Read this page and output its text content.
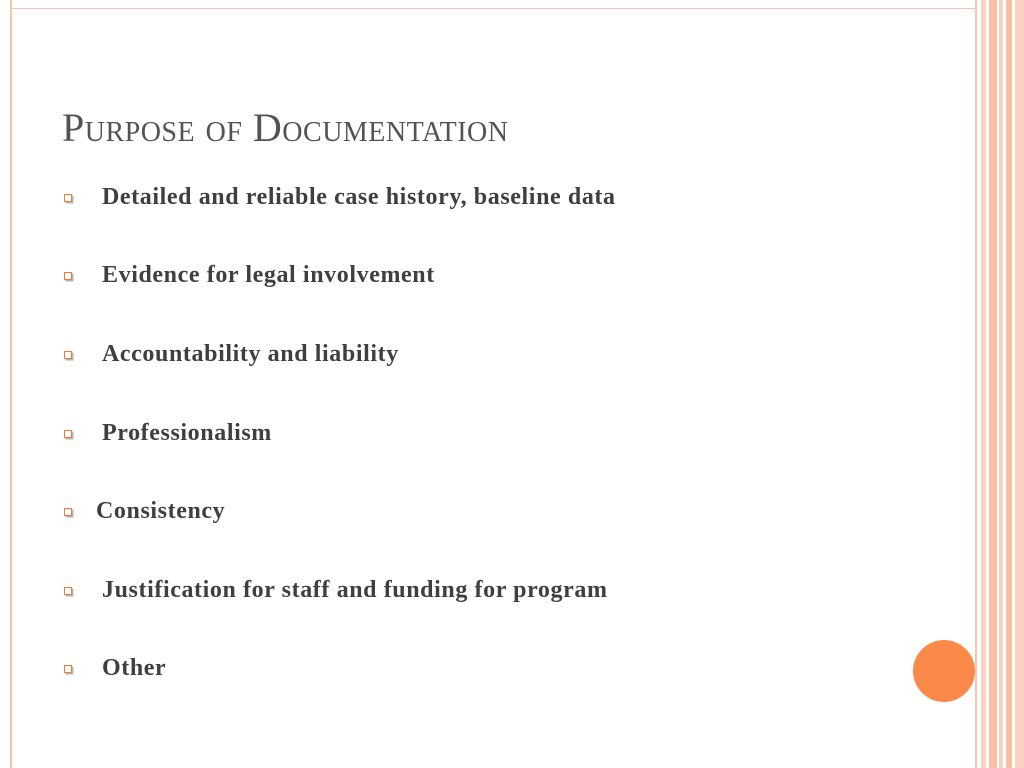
Purpose of Documentation
Detailed and reliable case history, baseline data
Evidence for legal involvement
Accountability and liability
Professionalism
Consistency
Justification for staff and funding for program
Other
